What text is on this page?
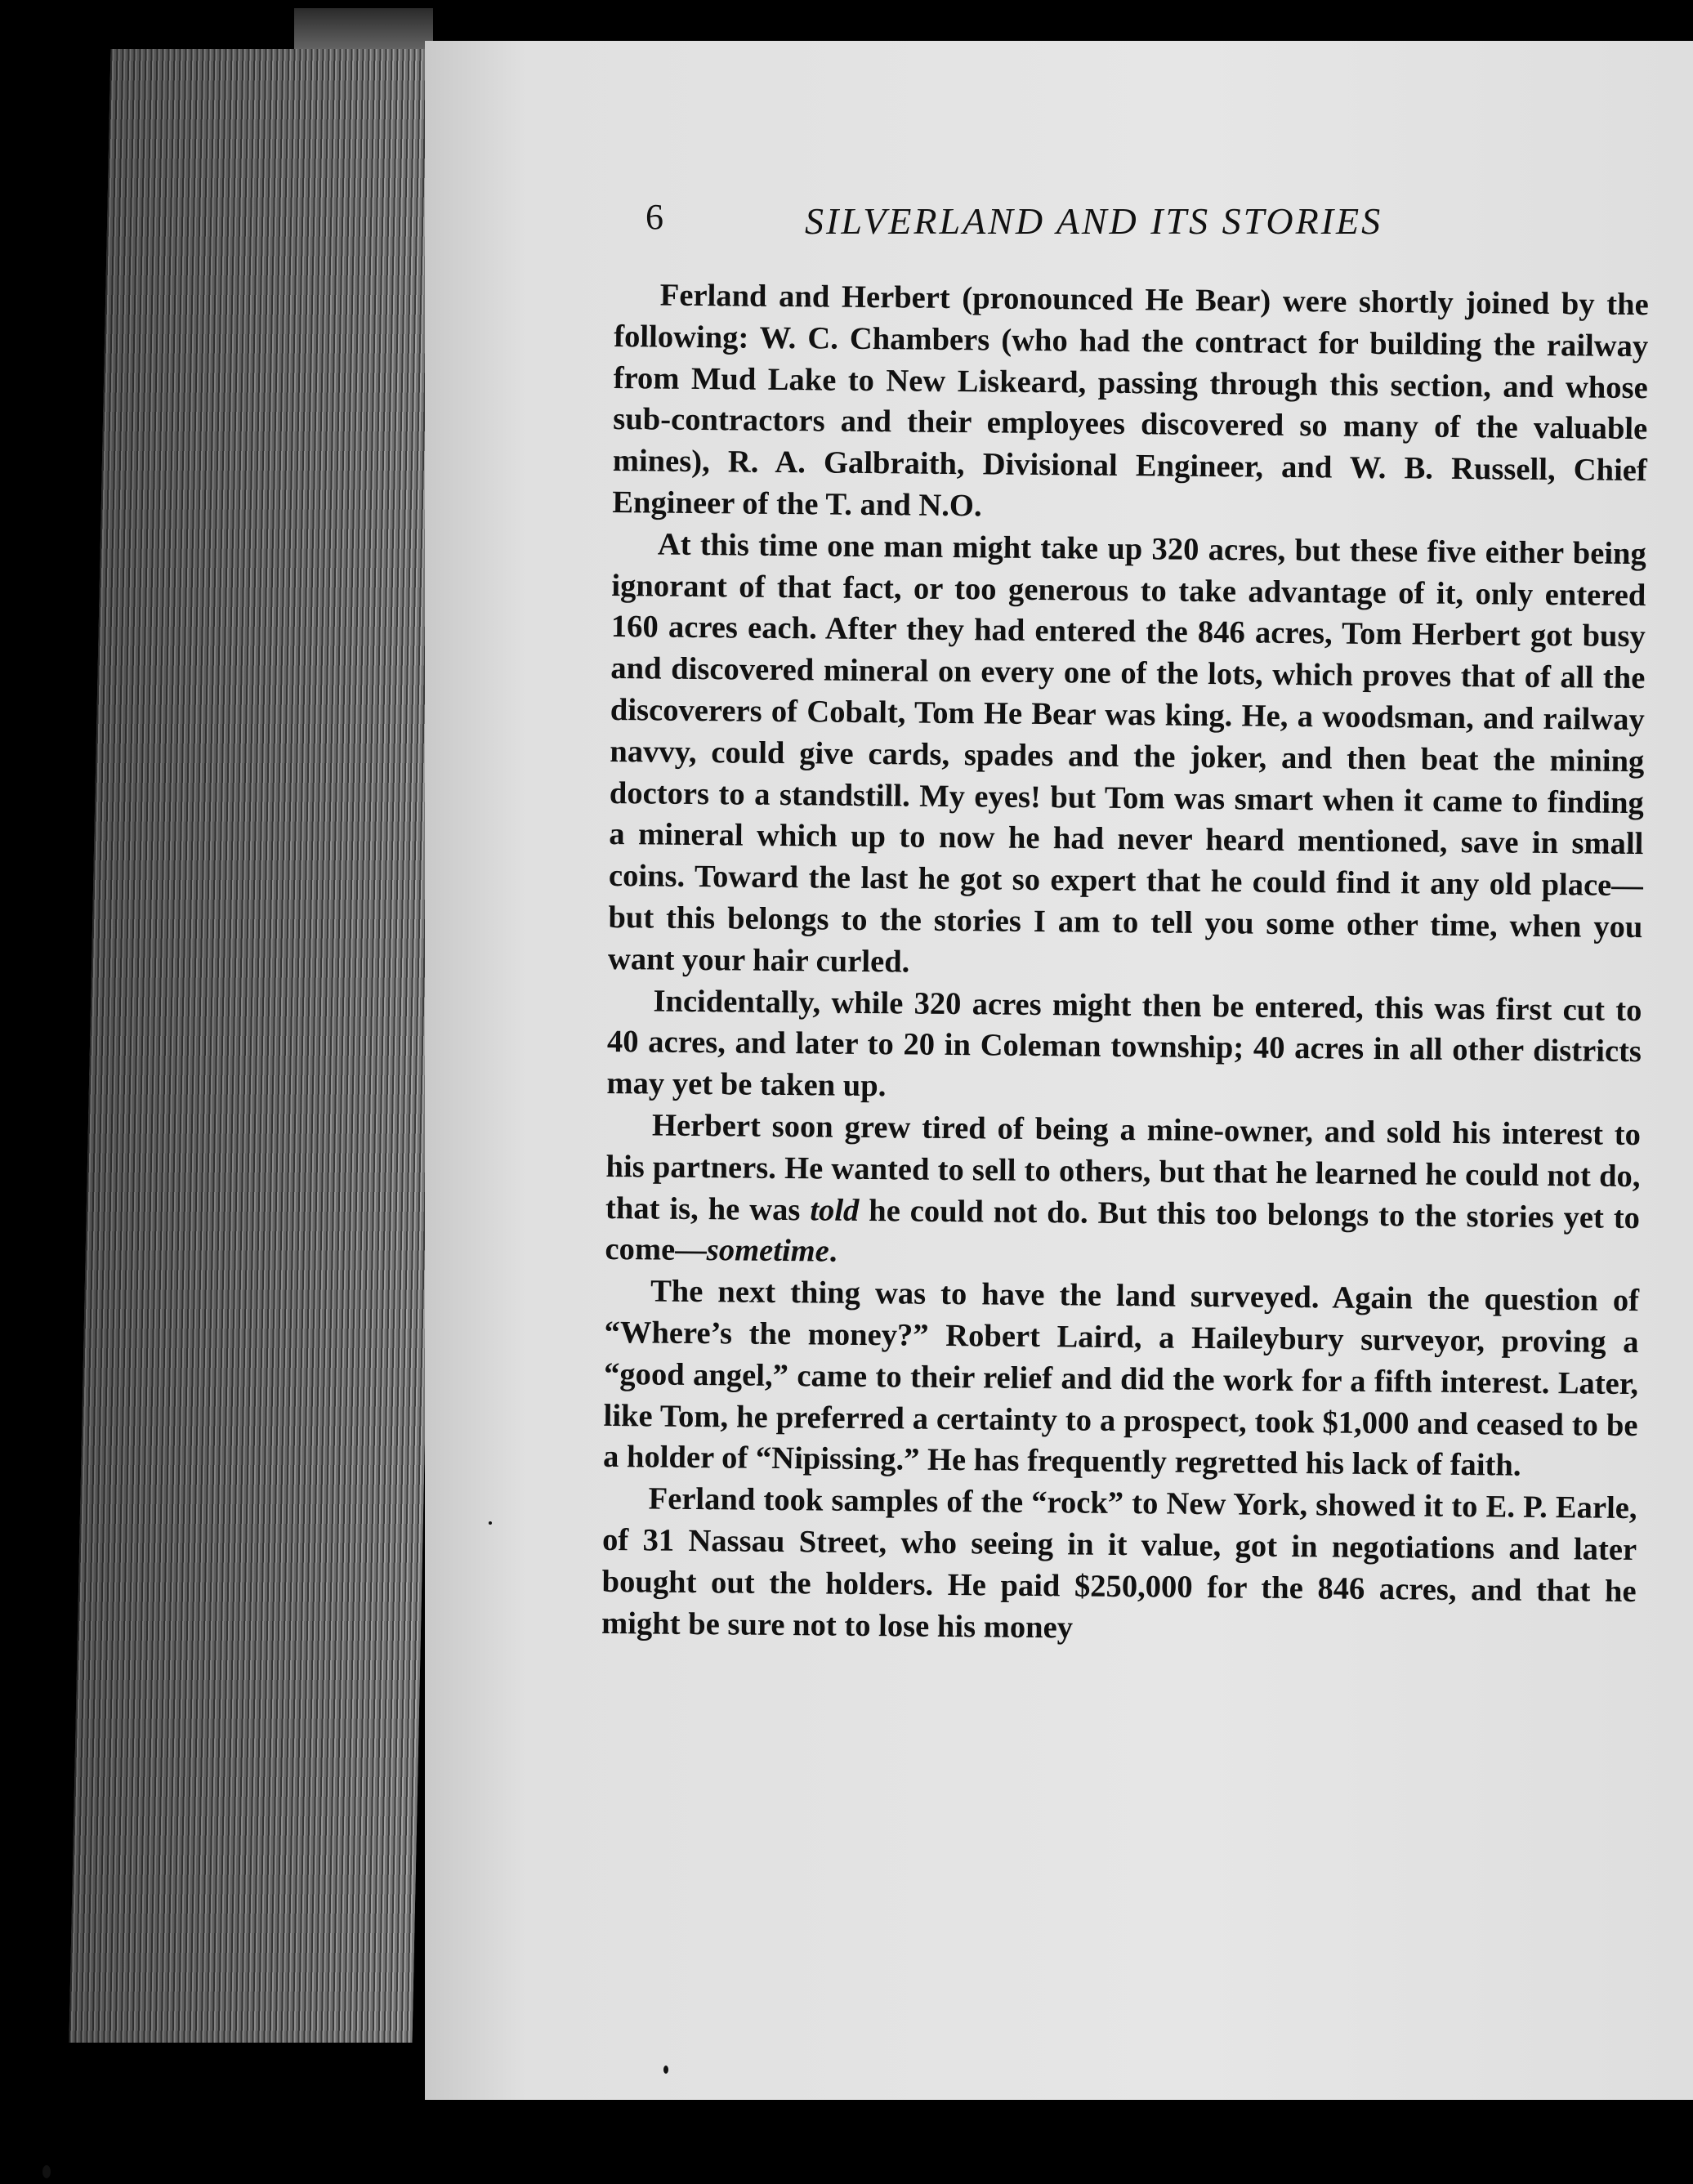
6	SILVERLAND AND ITS STORIES

Ferland and Herbert (pronounced He Bear) were shortly joined by the following: W. C. Chambers (who had the contract for building the railway from Mud Lake to New Liskeard, passing through this section, and whose sub-contractors and their employees discovered so many of the valuable mines), R. A. Galbraith, Divisional Engineer, and W. B. Russell, Chief Engineer of the T. and N.O.

At this time one man might take up 320 acres, but these five either being ignorant of that fact, or too generous to take advantage of it, only entered 160 acres each. After they had entered the 846 acres, Tom Herbert got busy and discovered mineral on every one of the lots, which proves that of all the discoverers of Cobalt, Tom He Bear was king. He, a woodsman, and railway navvy, could give cards, spades and the joker, and then beat the mining doctors to a standstill. My eyes! but Tom was smart when it came to finding a mineral which up to now he had never heard mentioned, save in small coins. Toward the last he got so expert that he could find it any old place—but this belongs to the stories I am to tell you some other time, when you want your hair curled.

Incidentally, while 320 acres might then be entered, this was first cut to 40 acres, and later to 20 in Coleman township; 40 acres in all other districts may yet be taken up.

Herbert soon grew tired of being a mine-owner, and sold his interest to his partners. He wanted to sell to others, but that he learned he could not do, that is, he was told he could not do. But this too belongs to the stories yet to come—sometime.

The next thing was to have the land surveyed. Again the question of “Where’s the money?” Robert Laird, a Haileybury surveyor, proving a “good angel,” came to their relief and did the work for a fifth interest. Later, like Tom, he preferred a certainty to a prospect, took $1,000 and ceased to be a holder of “Nipissing.” He has frequently regretted his lack of faith.

Ferland took samples of the “rock” to New York, showed it to E. P. Earle, of 31 Nassau Street, who seeing in it value, got in negotiations and later bought out the holders. He paid $250,000 for the 846 acres, and that he might be sure not to lose his money
